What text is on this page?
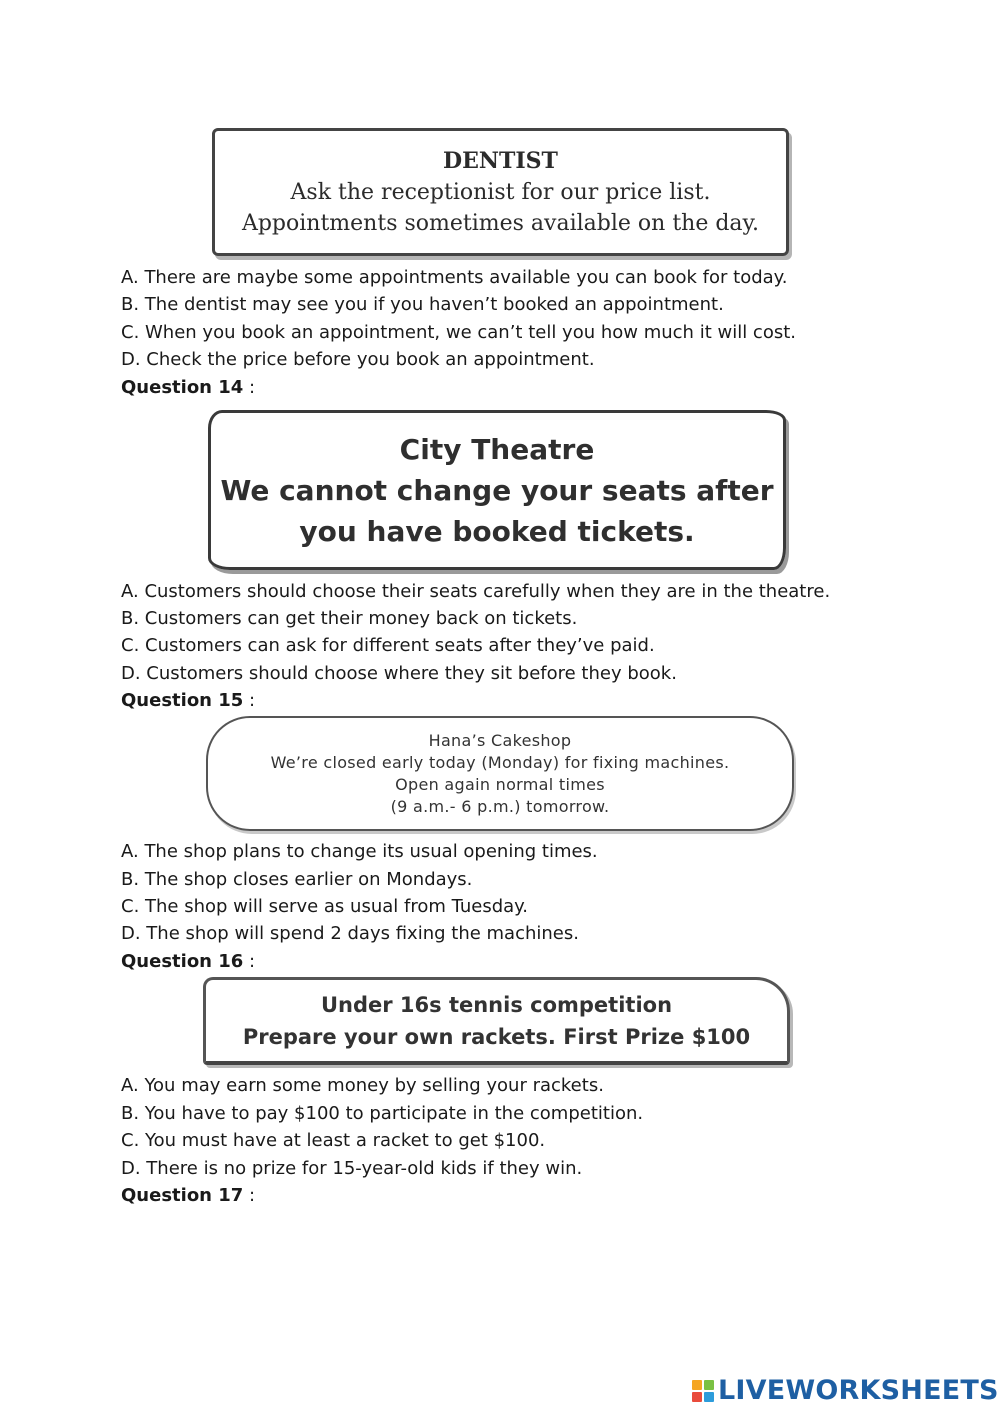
DENTIST
Ask the receptionist for our price list.
Appointments sometimes available on the day.
A. There are maybe some appointments available you can book for today.
B. The dentist may see you if you haven’t booked an appointment.
C. When you book an appointment, we can’t tell you how much it will cost.
D. Check the price before you book an appointment.
Question 14 :
City Theatre
We cannot change your seats after
you have booked tickets.
A. Customers should choose their seats carefully when they are in the theatre.
B. Customers can get their money back on tickets.
C. Customers can ask for different seats after they’ve paid.
D. Customers should choose where they sit before they book.
Question 15 :
Hana’s Cakeshop
We’re closed early today (Monday) for fixing machines.
Open again normal times
(9 a.m.- 6 p.m.) tomorrow.
A. The shop plans to change its usual opening times.
B. The shop closes earlier on Mondays.
C. The shop will serve as usual from Tuesday.
D. The shop will spend 2 days fixing the machines.
Question 16 :
Under 16s tennis competition
Prepare your own rackets. First Prize $100
A. You may earn some money by selling your rackets.
B. You have to pay $100 to participate in the competition.
C. You must have at least a racket to get $100.
D. There is no prize for 15-year-old kids if they win.
Question 17 :
LIVEWORKSHEETS
